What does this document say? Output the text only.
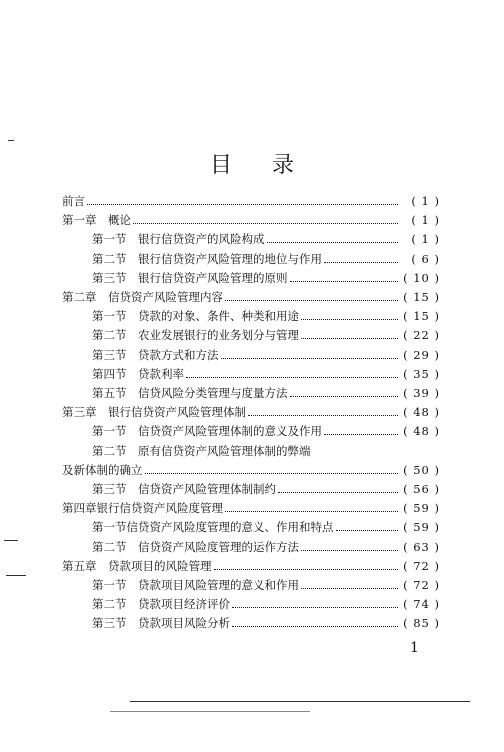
目 录
前言	( 1 )
第一章　概论	( 1 )
第一节　银行信贷资产的风险构成	( 1 )
第二节　银行信贷资产风险管理的地位与作用	( 6 )
第三节　银行信贷资产风险管理的原则	( 10 )
第二章　信贷资产风险管理内容	( 15 )
第一节　贷款的对象、条件、种类和用途	( 15 )
第二节　农业发展银行的业务划分与管理	( 22 )
第三节　贷款方式和方法	( 29 )
第四节　贷款利率	( 35 )
第五节　信贷风险分类管理与度量方法	( 39 )
第三章　银行信贷资产风险管理体制	( 48 )
第一节　信贷资产风险管理体制的意义及作用	( 48 )
第二节　原有信贷资产风险管理体制的弊端
及新体制的确立	( 50 )
第三节　信贷资产风险管理体制制约	( 56 )
第四章银行信贷资产风险度管理	( 59 )
第一节信贷资产风险度管理的意义、作用和特点	( 59 )
第二节　信贷资产风险度管理的运作方法	( 63 )
第五章　贷款项目的风险管理	( 72 )
第一节　贷款项目风险管理的意义和作用	( 72 )
第二节　贷款项目经济评价	( 74 )
第三节　贷款项目风险分析	( 85 )
1
